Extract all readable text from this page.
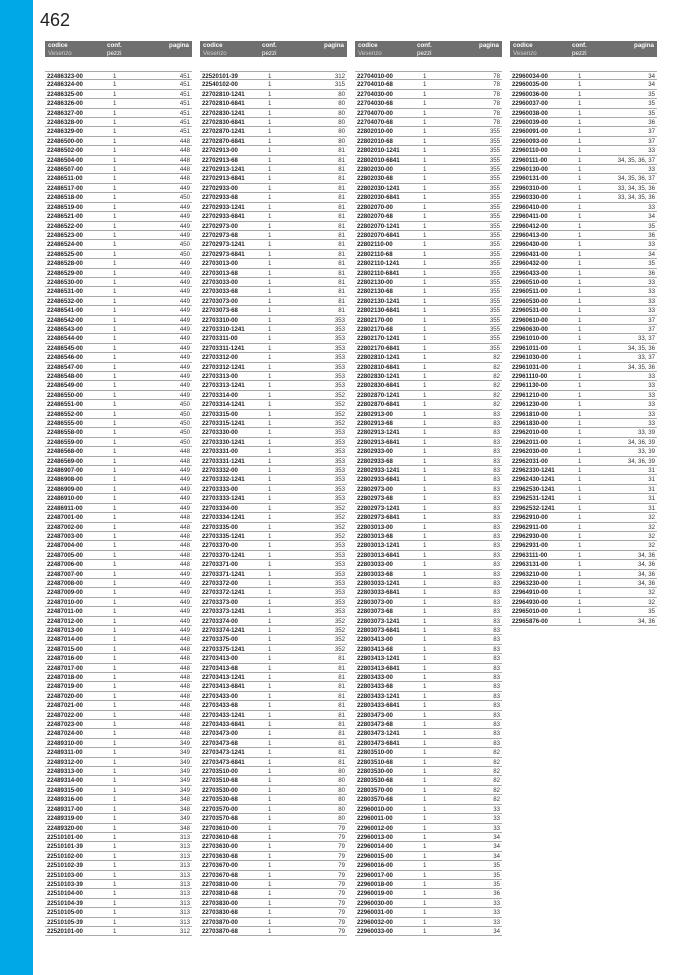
462
codice
Vesenzo
conf.
pezzi
pagina
22486323-00	1	451
22486324-00	1	451
22486325-00	1	451
22486326-00	1	451
22486327-00	1	451
22486328-00	1	451
22486329-00	1	451
22486500-00	1	448
22486502-00	1	448
22486504-00	1	448
22486507-00	1	448
22486511-00	1	448
22486517-00	1	449
22486518-00	1	450
22486519-00	1	449
22486521-00	1	449
22486522-00	1	449
22486523-00	1	449
22486524-00	1	450
22486525-00	1	450
22486528-00	1	449
22486529-00	1	449
22486530-00	1	449
22486531-00	1	449
22486532-00	1	449
22486541-00	1	449
22486542-00	1	449
22486543-00	1	449
22486544-00	1	449
22486545-00	1	449
22486546-00	1	449
22486547-00	1	449
22486548-00	1	449
22486549-00	1	449
22486550-00	1	449
22486551-00	1	450
22486552-00	1	450
22486555-00	1	450
22486558-00	1	450
22486559-00	1	450
22486568-00	1	448
22486569-00	1	448
22486907-00	1	449
22486908-00	1	449
22486909-00	1	449
22486910-00	1	449
22486911-00	1	449
22487001-00	1	448
22487002-00	1	448
22487003-00	1	448
22487004-00	1	448
22487005-00	1	448
22487006-00	1	448
22487007-00	1	449
22487008-00	1	449
22487009-00	1	449
22487010-00	1	449
22487011-00	1	449
22487012-00	1	449
22487013-00	1	449
22487014-00	1	448
22487015-00	1	448
22487016-00	1	448
22487017-00	1	448
22487018-00	1	448
22487019-00	1	448
22487020-00	1	448
22487021-00	1	448
22487022-00	1	448
22487023-00	1	448
22487024-00	1	448
22489310-00	1	349
22489311-00	1	349
22489312-00	1	349
22489313-00	1	349
22489314-00	1	349
22489315-00	1	349
22489316-00	1	348
22489317-00	1	348
22489319-00	1	349
22489320-00	1	348
22510101-00	1	313
22510101-39	1	313
22510102-00	1	313
22510102-39	1	313
22510103-00	1	313
22510103-39	1	313
22510104-00	1	313
22510104-39	1	313
22510105-00	1	313
22510105-39	1	313
22520101-00	1	312
codice
Vesenzo
conf.
pezzi
pagina
22520101-39	1	312
22540102-00	1	315
22702810-1241	1	80
22702810-6841	1	80
22702830-1241	1	80
22702830-6841	1	80
22702870-1241	1	80
22702870-6841	1	80
22702913-00	1	81
22702913-68	1	81
22702913-1241	1	81
22702913-6841	1	81
22702933-00	1	81
22702933-68	1	81
22702933-1241	1	81
22702933-6841	1	81
22702973-00	1	81
22702973-68	1	81
22702973-1241	1	81
22702973-6841	1	81
22703013-00	1	81
22703013-68	1	81
22703033-00	1	81
22703033-68	1	81
22703073-00	1	81
22703073-68	1	81
22703310-00	1	353
22703310-1241	1	353
22703311-00	1	353
22703311-1241	1	353
22703312-00	1	353
22703312-1241	1	353
22703313-00	1	353
22703313-1241	1	353
22703314-00	1	352
22703314-1241	1	352
22703315-00	1	352
22703315-1241	1	352
22703330-00	1	353
22703330-1241	1	353
22703331-00	1	353
22703331-1241	1	353
22703332-00	1	353
22703332-1241	1	353
22703333-00	1	353
22703333-1241	1	353
22703334-00	1	352
22703334-1241	1	352
22703335-00	1	352
22703335-1241	1	352
22703370-00	1	353
22703370-1241	1	353
22703371-00	1	353
22703371-1241	1	353
22703372-00	1	353
22703372-1241	1	353
22703373-00	1	353
22703373-1241	1	353
22703374-00	1	352
22703374-1241	1	352
22703375-00	1	352
22703375-1241	1	352
22703413-00	1	81
22703413-68	1	81
22703413-1241	1	81
22703413-6841	1	81
22703433-00	1	81
22703433-68	1	81
22703433-1241	1	81
22703433-6841	1	81
22703473-00	1	81
22703473-68	1	81
22703473-1241	1	81
22703473-6841	1	81
22703510-00	1	80
22703510-68	1	80
22703530-00	1	80
22703530-68	1	80
22703570-00	1	80
22703570-68	1	80
22703610-00	1	79
22703610-68	1	79
22703630-00	1	79
22703630-68	1	79
22703670-00	1	79
22703670-68	1	79
22703810-00	1	79
22703810-68	1	79
22703830-00	1	79
22703830-68	1	79
22703870-00	1	79
22703870-68	1	79
codice
Vesenzo
conf.
pezzi
pagina
22704010-00	1	78
22704010-68	1	78
22704030-00	1	78
22704030-68	1	78
22704070-00	1	78
22704070-68	1	78
22802010-00	1	355
22802010-68	1	355
22802010-1241	1	355
22802010-6841	1	355
22802030-00	1	355
22802030-68	1	355
22802030-1241	1	355
22802030-6841	1	355
22802070-00	1	355
22802070-68	1	355
22802070-1241	1	355
22802070-6841	1	355
22802110-00	1	355
22802110-68	1	355
22802110-1241	1	355
22802110-6841	1	355
22802130-00	1	355
22802130-68	1	355
22802130-1241	1	355
22802130-6841	1	355
22802170-00	1	355
22802170-68	1	355
22802170-1241	1	355
22802170-6841	1	355
22802810-1241	1	82
22802810-6841	1	82
22802830-1241	1	82
22802830-6841	1	82
22802870-1241	1	82
22802870-6841	1	82
22802913-00	1	83
22802913-68	1	83
22802913-1241	1	83
22802913-6841	1	83
22802933-00	1	83
22802933-68	1	83
22802933-1241	1	83
22802933-6841	1	83
22802973-00	1	83
22802973-68	1	83
22802973-1241	1	83
22802973-6841	1	83
22803013-00	1	83
22803013-68	1	83
22803013-1241	1	83
22803013-6841	1	83
22803033-00	1	83
22803033-68	1	83
22803033-1241	1	83
22803033-6841	1	83
22803073-00	1	83
22803073-68	1	83
22803073-1241	1	83
22803073-6841	1	83
22803413-00	1	83
22803413-68	1	83
22803413-1241	1	83
22803413-6841	1	83
22803433-00	1	83
22803433-68	1	83
22803433-1241	1	83
22803433-6841	1	83
22803473-00	1	83
22803473-68	1	83
22803473-1241	1	83
22803473-6841	1	83
22803510-00	1	82
22803510-68	1	82
22803530-00	1	82
22803530-68	1	82
22803570-00	1	82
22803570-68	1	82
22960010-00	1	33
22960011-00	1	33
22960012-00	1	33
22960013-00	1	34
22960014-00	1	34
22960015-00	1	34
22960016-00	1	35
22960017-00	1	35
22960018-00	1	35
22960019-00	1	36
22960030-00	1	33
22960031-00	1	33
22960032-00	1	33
22960033-00	1	34
codice
Vesenzo
conf.
pezzi
pagina
22960034-00	1	34
22960035-00	1	34
22960036-00	1	35
22960037-00	1	35
22960038-00	1	35
22960039-00	1	36
22960091-00	1	37
22960093-00	1	37
22960110-00	1	33
22960111-00	1	34, 35, 36, 37
22960130-00	1	33
22960131-00	1	34, 35, 36, 37
22960310-00	1	33, 34, 35, 36
22960330-00	1	33, 34, 35, 36
22960410-00	1	33
22960411-00	1	34
22960412-00	1	35
22960413-00	1	36
22960430-00	1	33
22960431-00	1	34
22960432-00	1	35
22960433-00	1	36
22960510-00	1	33
22960511-00	1	33
22960530-00	1	33
22960531-00	1	33
22960610-00	1	37
22960630-00	1	37
22961010-00	1	33, 37
22961011-00	1	34, 35, 36
22961030-00	1	33, 37
22961031-00	1	34, 35, 36
22961110-00	1	33
22961130-00	1	33
22961210-00	1	33
22961230-00	1	33
22961810-00	1	33
22961830-00	1	33
22962010-00	1	33, 39
22962011-00	1	34, 36, 39
22962030-00	1	33, 39
22962031-00	1	34, 36, 39
22962330-1241	1	31
22962430-1241	1	31
22962530-1241	1	31
22962531-1241	1	31
22962532-1241	1	31
22962910-00	1	32
22962911-00	1	32
22962930-00	1	32
22962931-00	1	32
22963111-00	1	34, 36
22963131-00	1	34, 36
22963210-00	1	34, 36
22963230-00	1	34, 36
22964910-00	1	32
22964930-00	1	32
22965010-00	1	35
22965876-00	1	34, 36
